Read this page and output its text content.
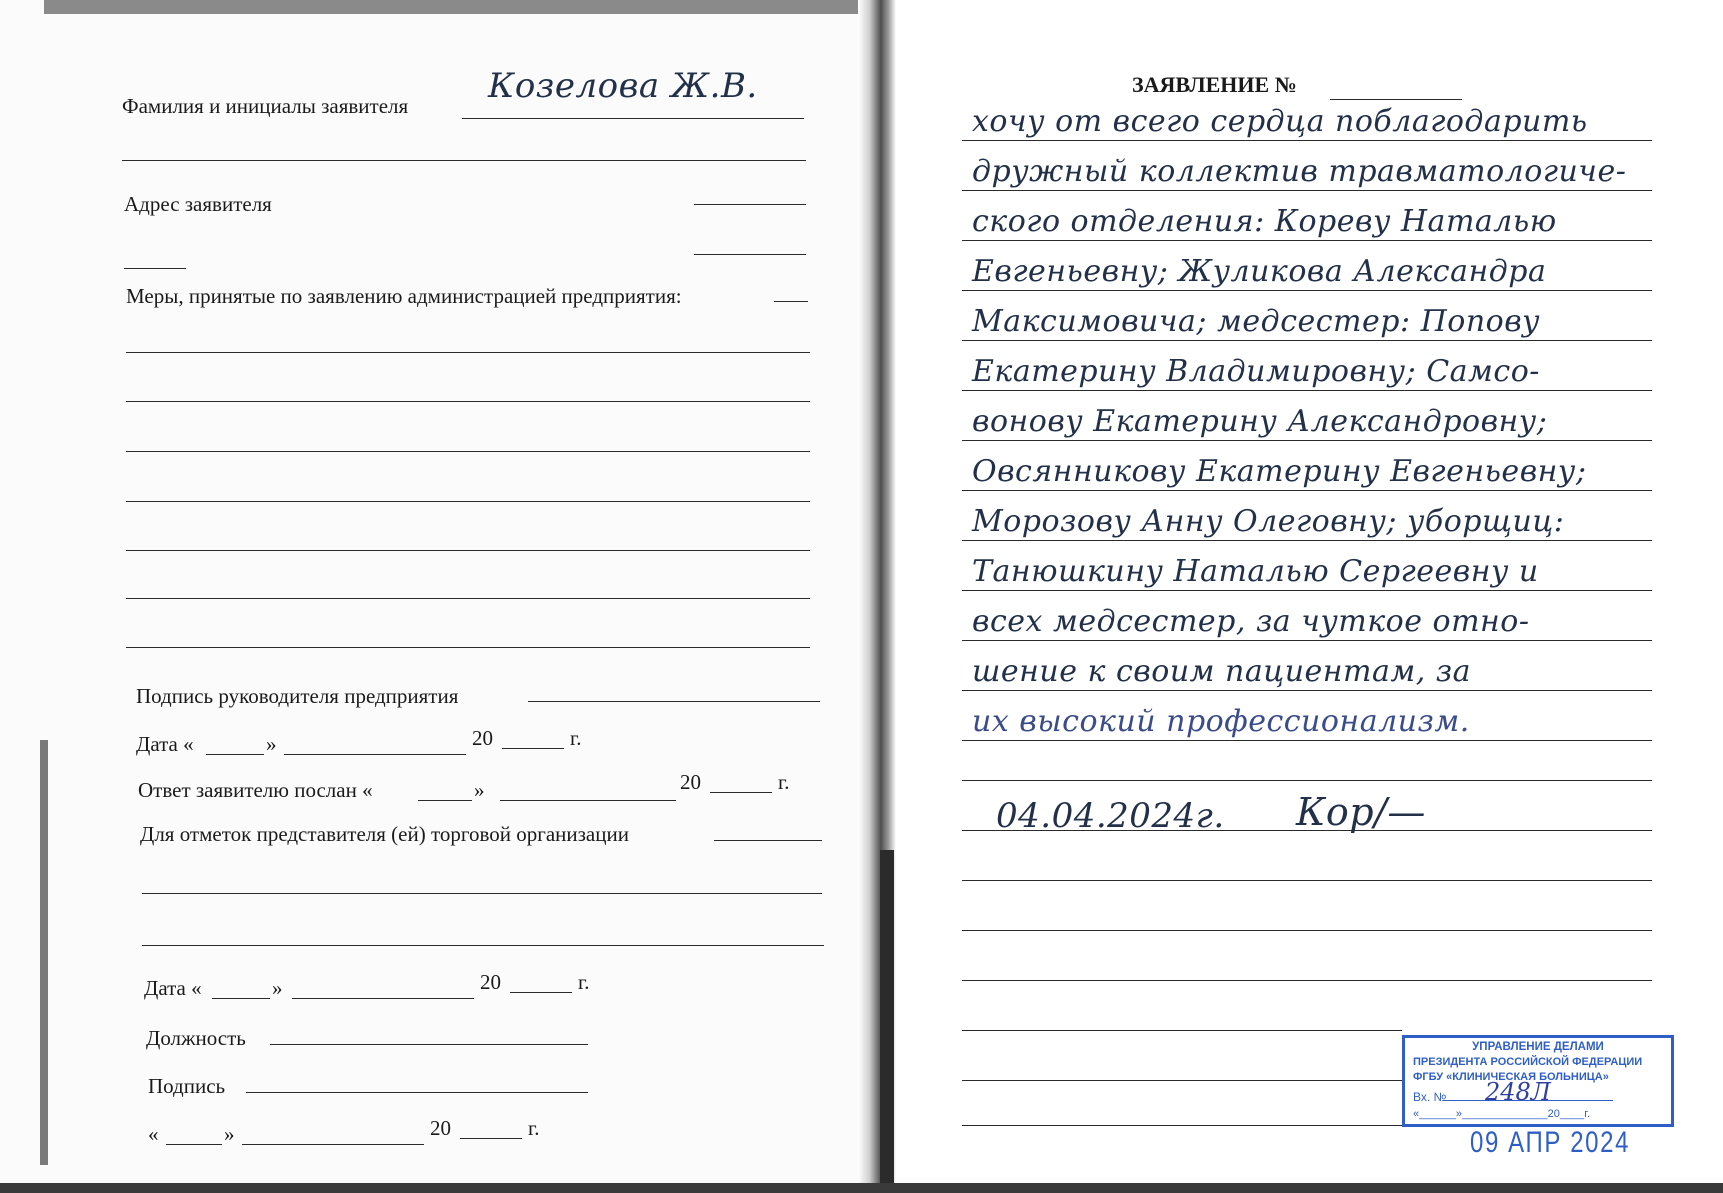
Фамилия и инициалы заявителя Козелова Ж.В.
Адрес заявителя
Меры, принятые по заявлению администрацией предприятия:
Подпись руководителя предприятия
Дата «	»	20	г.
Ответ заявителю послан «	»	20	г.
Для отметок представителя (ей) торговой организации
Дата «	»	20	г.
Должность
Подпись
«	»	20	г.
ЗАЯВЛЕНИЕ №
хочу от всего сердца поблагодарить
дружный коллектив травматологиче-
ского отделения: Кореву Наталью
Евгеньевну; Жуликова Александра
Максимовича; медсестер: Попову
Екатерину Владимировну; Самсо-
вонову Екатерину Александровну;
Овсянникову Екатерину Евгеньевну;
Морозову Анну Олеговну; уборщиц:
Танюшкину Наталью Сергеевну и
всех медсестер, за чуткое отно-
шение к своим пациентам, за
их высокий профессионализм.
04.04.2024г. Кор/—
УПРАВЛЕНИЕ ДЕЛАМИ
ПРЕЗИДЕНТА РОССИЙСКОЙ ФЕДЕРАЦИИ
ФГБУ «КЛИНИЧЕСКАЯ БОЛЬНИЦА»
Вх. № 248Л
«______»______________20____г.
09 АПР 2024
